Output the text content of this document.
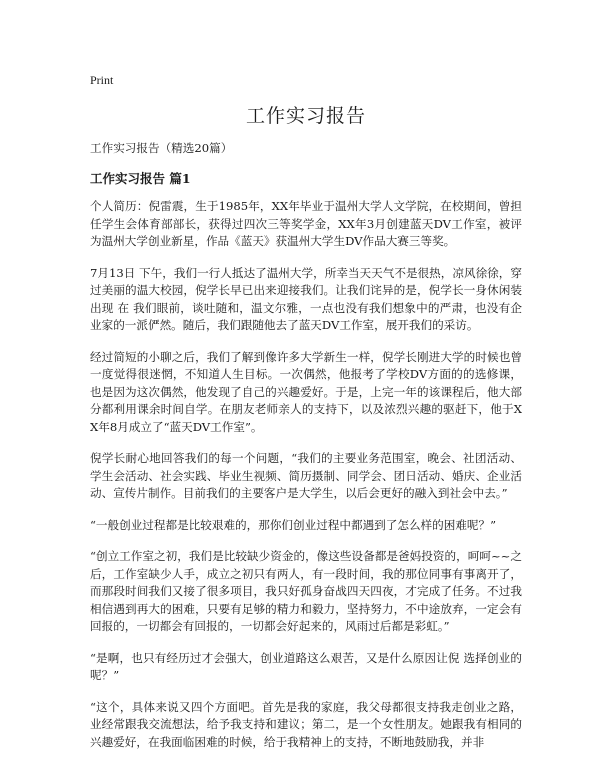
Print
工作实习报告
工作实习报告（精选20篇）
工作实习报告 篇1

个人简历：倪雷震，生于1985年，XX年毕业于温州大学人文学院，在校期间，曾担任学生会体育部部长，获得过四次三等奖学金，XX年3月创建蓝天DV工作室，被评为温州大学创业新星，作品《蓝天》获温州大学生DV作品大赛三等奖。

7月13日 下午，我们一行人抵达了温州大学，所幸当天天气不是很热，凉风徐徐，穿过美丽的温大校园，倪学长早已出来迎接我们。让我们诧异的是，倪学长一身休闲装出现 在 我们眼前，谈吐随和，温文尔雅，一点也没有我们想象中的严肃，也没有企业家的一派俨然。随后，我们跟随他去了蓝天DV工作室，展开我们的采访。

经过简短的小聊之后，我们了解到像许多大学新生一样，倪学长刚进大学的时候也曾一度觉得很迷惘，不知道人生目标。一次偶然，他报考了学校DV方面的的选修课，也是因为这次偶然，他发现了自己的兴趣爱好。于是，上完一年的该课程后，他大部分都利用课余时间自学。在朋友老师亲人的支持下，以及浓烈兴趣的驱赶下，他于XX年8月成立了“蓝天DV工作室”。

倪学长耐心地回答我们的每一个问题，“我们的主要业务范围室，晚会、社团活动、学生会活动、社会实践、毕业生视频、简历摄制、同学会、团日活动、婚庆、企业活动、宣传片制作。目前我们的主要客户是大学生，以后会更好的融入到社会中去。”

“一般创业过程都是比较艰难的，那你们创业过程中都遇到了怎么样的困难呢？”

“创立工作室之初，我们是比较缺少资金的，像这些设备都是爸妈投资的，呵呵~~之后，工作室缺少人手，成立之初只有两人，有一段时间，我的那位同事有事离开了，而那段时间我们又接了很多项目，我只好孤身奋战四天四夜，才完成了任务。不过我相信遇到再大的困难，只要有足够的精力和毅力，坚持努力，不中途放弃，一定会有回报的，一切都会有回报的，一切都会好起来的，风雨过后都是彩虹。”

“是啊，也只有经历过才会强大，创业道路这么艰苦，又是什么原因让倪 选择创业的呢？”

“这个，具体来说又四个方面吧。首先是我的家庭，我父母都很支持我走创业之路，业经常跟我交流想法，给予我支持和建议；第二，是一个女性朋友。她跟我有相同的兴趣爱好，在我面临困难的时候，给于我精神上的支持，不断地鼓励我，并非
